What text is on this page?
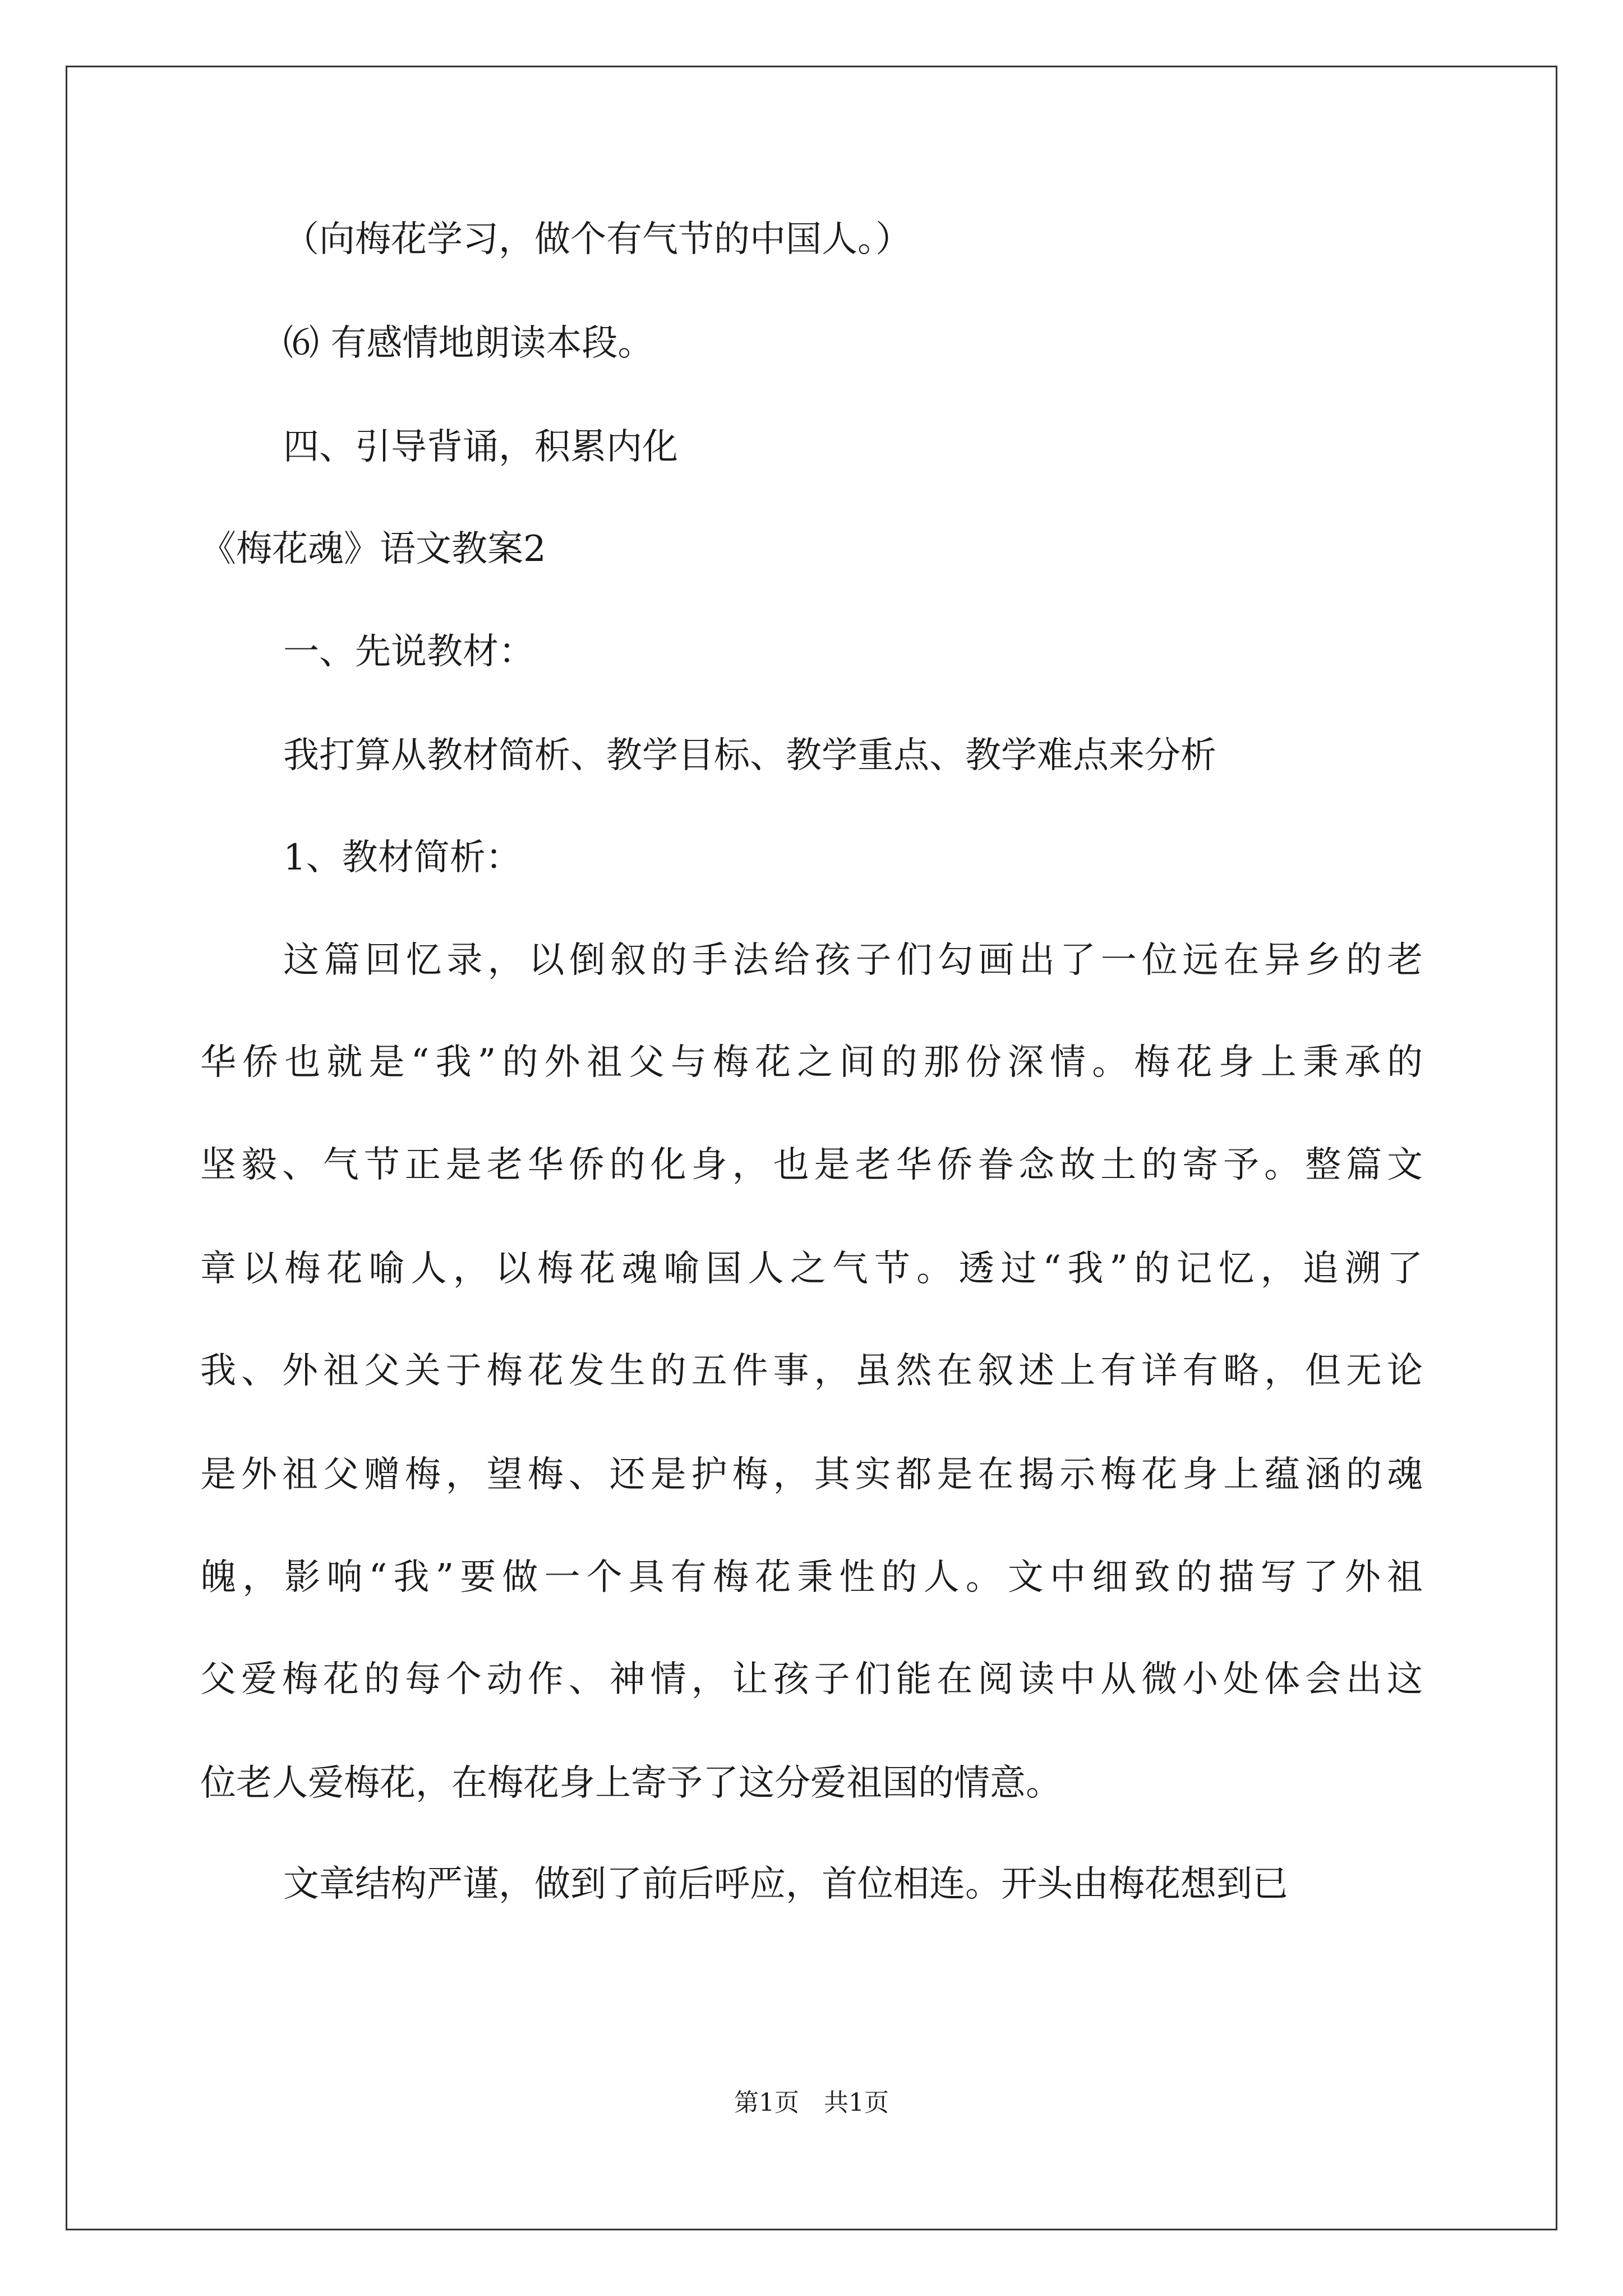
（向梅花学习，做个有气节的中国人。）

⑹ 有感情地朗读本段。

四、引导背诵，积累内化

《梅花魂》语文教案2

一、先说教材：

我打算从教材简析、教学目标、教学重点、教学难点来分析

1、教材简析：

这篇回忆录，以倒叙的手法给孩子们勾画出了一位远在异乡的老

华侨也就是“我”的外祖父与梅花之间的那份深情。梅花身上秉承的

坚毅、气节正是老华侨的化身，也是老华侨眷念故土的寄予。整篇文

章以梅花喻人，以梅花魂喻国人之气节。透过“我”的记忆，追溯了

我、外祖父关于梅花发生的五件事，虽然在叙述上有详有略，但无论

是外祖父赠梅，望梅、还是护梅，其实都是在揭示梅花身上蕴涵的魂

魄，影响“我”要做一个具有梅花秉性的人。文中细致的描写了外祖

父爱梅花的每个动作、神情，让孩子们能在阅读中从微小处体会出这

位老人爱梅花，在梅花身上寄予了这分爱祖国的情意。

文章结构严谨，做到了前后呼应，首位相连。开头由梅花想到已

第1页　共1页
